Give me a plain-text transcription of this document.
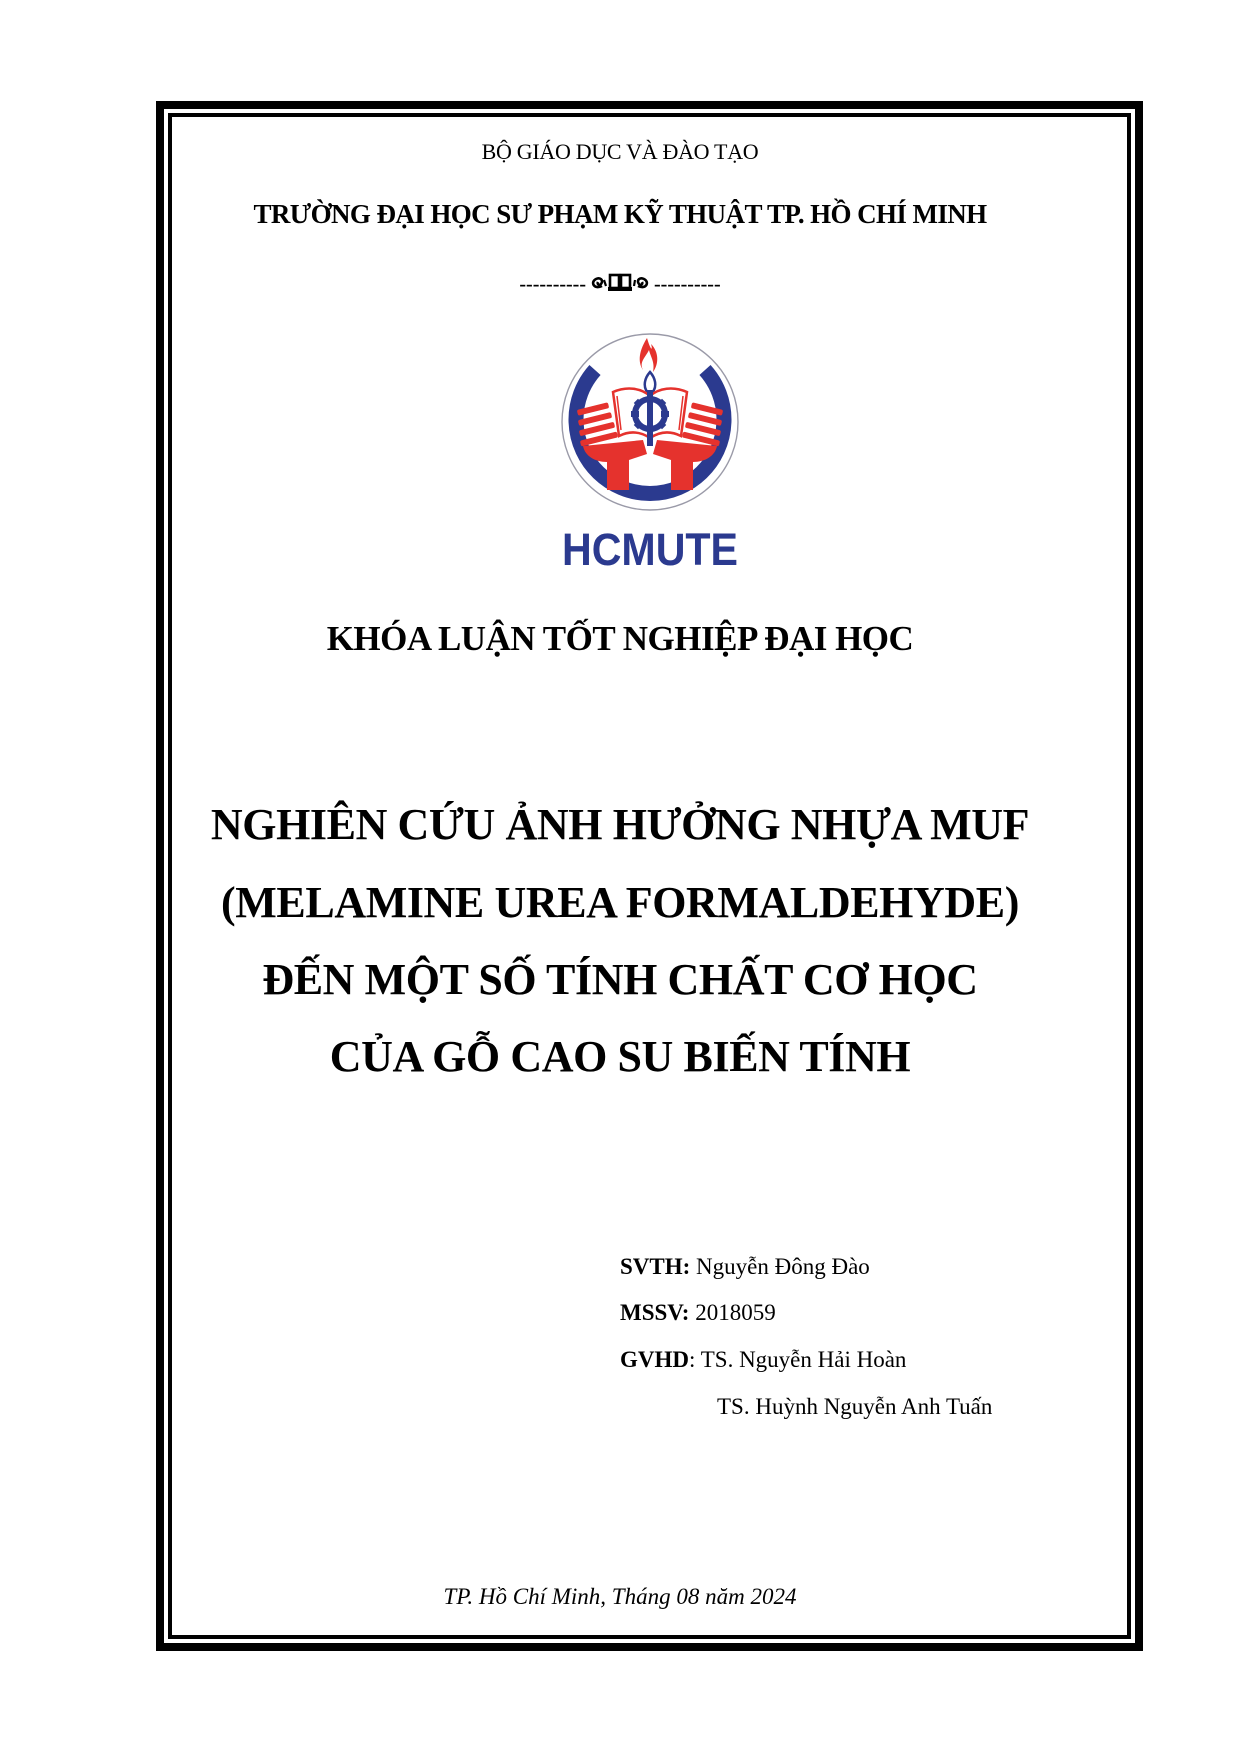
BỘ GIÁO DỤC VÀ ĐÀO TẠO
TRƯỜNG ĐẠI HỌC SƯ PHẠM KỸ THUẬT TP. HỒ CHÍ MINH
----------	----------
HCMUTE
KHÓA LUẬN TỐT NGHIỆP ĐẠI HỌC
NGHIÊN CỨU ẢNH HƯỞNG NHỰA MUF
(MELAMINE UREA FORMALDEHYDE)
ĐẾN MỘT SỐ TÍNH CHẤT CƠ HỌC
CỦA GỖ CAO SU BIẾN TÍNH
SVTH: Nguyễn Đông Đào
MSSV: 2018059
GVHD: TS. Nguyễn Hải Hoàn
TS. Huỳnh Nguyễn Anh Tuấn
TP. Hồ Chí Minh, Tháng 08 năm 2024
